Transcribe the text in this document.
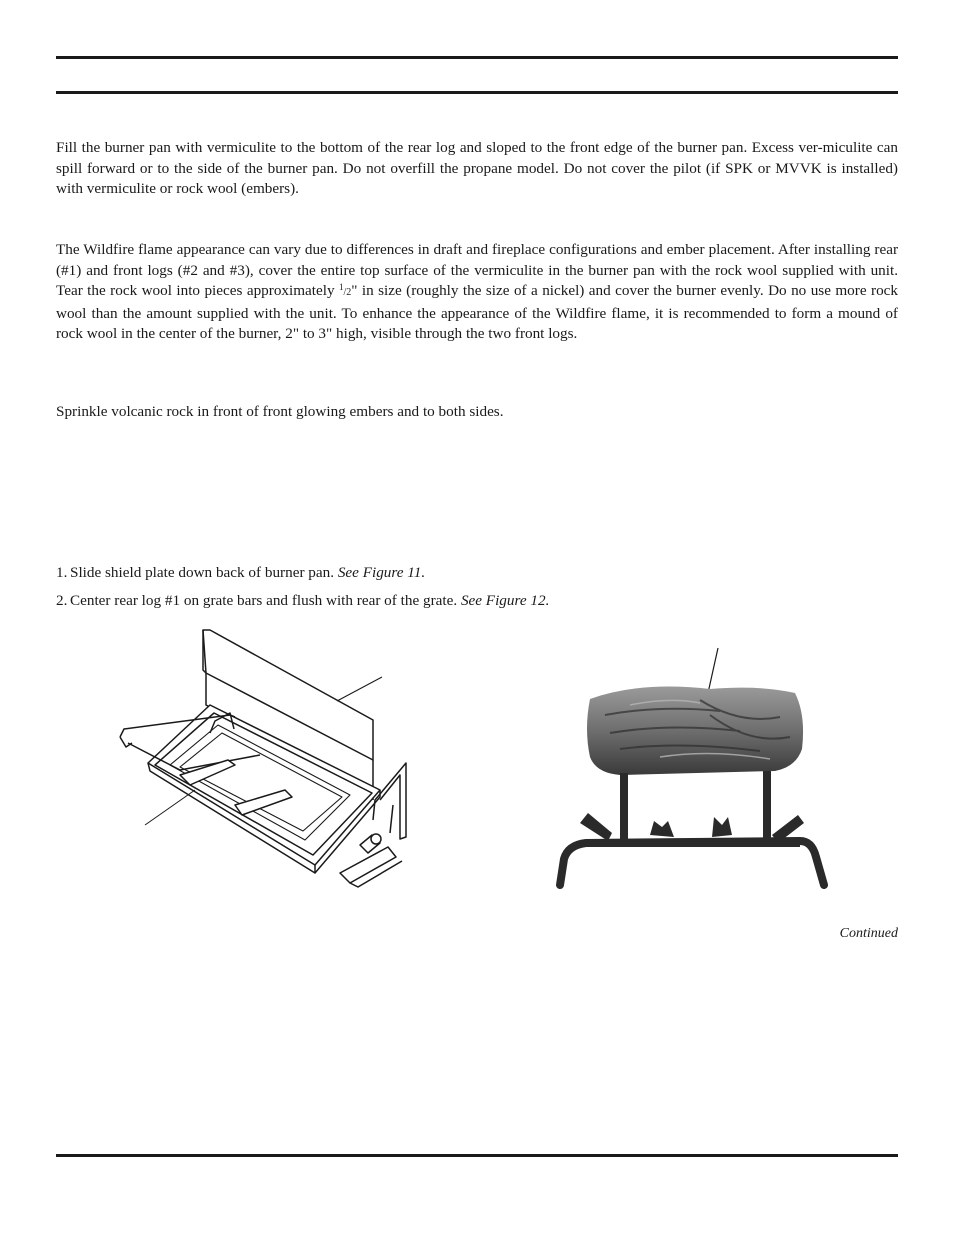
Fill the burner pan with vermiculite to the bottom of the rear log and sloped to the front edge of the burner pan. Excess ver-miculite can spill forward or to the side of the burner pan. Do not overfill the propane model. Do not cover the pilot (if SPK or MVVK is installed) with vermiculite or rock wool (embers).

The Wildfire flame appearance can vary due to differences in draft and fireplace configurations and ember placement. After installing rear (#1) and front logs (#2 and #3), cover the entire top surface of the vermiculite in the burner pan with the rock wool supplied with unit. Tear the rock wool into pieces approximately $^1$/2" in size (roughly the size of a nickel) and cover the burner evenly. Do no use more rock wool than the amount supplied with the unit. To enhance the appearance of the Wildfire flame, it is recommended to form a mound of rock wool in the center of the burner, 2" to 3" high, visible through the two front logs.

Sprinkle volcanic rock in front of front glowing embers and to both sides.

1. Slide shield plate down back of burner pan. See Figure 11.
2. Center rear log #1 on grate bars and flush with rear of the grate. See Figure 12.
Continued
